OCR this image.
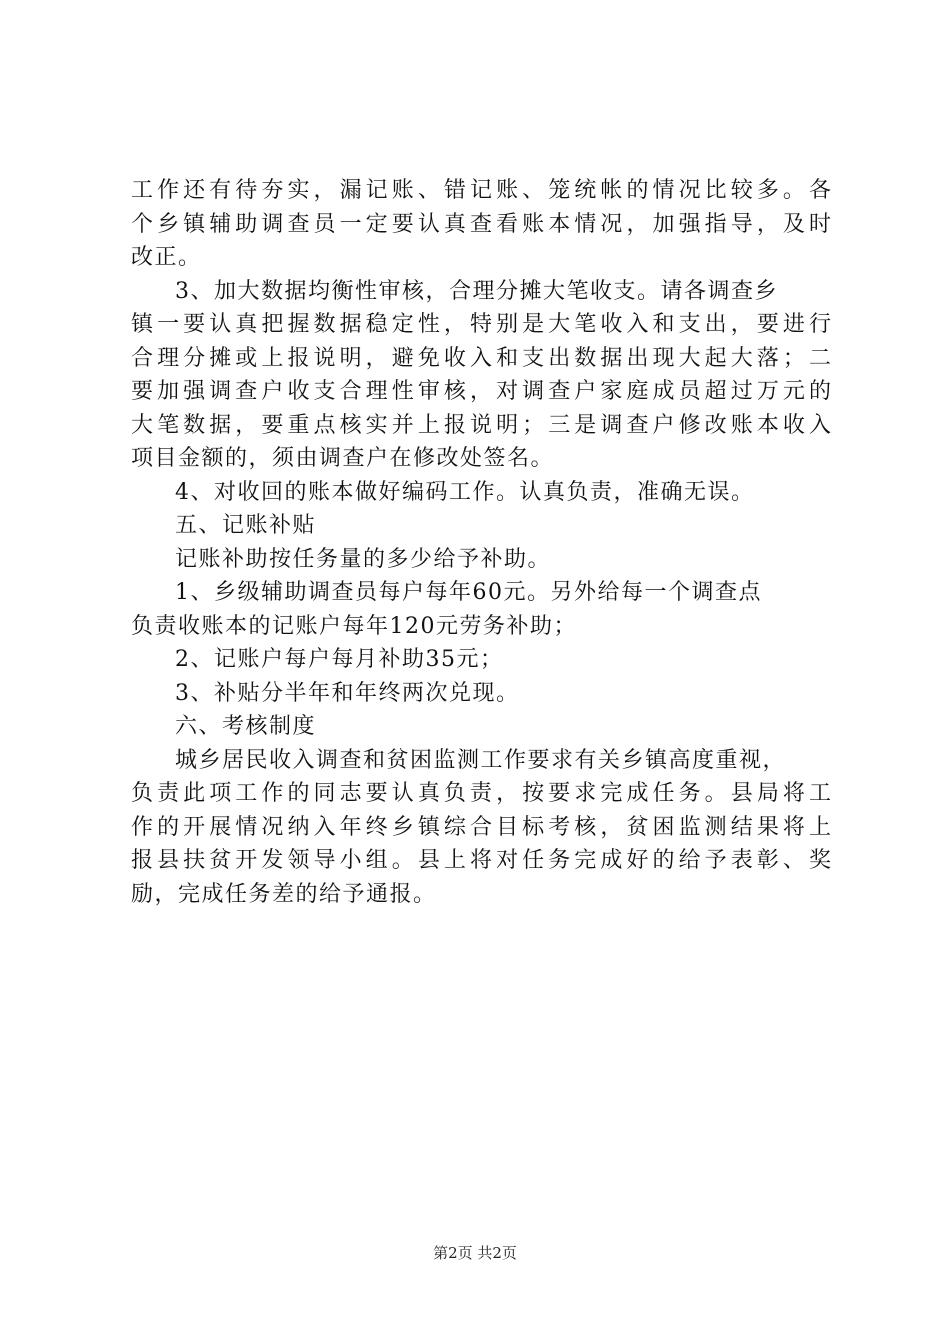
工作还有待夯实，漏记账、错记账、笼统帐的情况比较多。各
个乡镇辅助调查员一定要认真查看账本情况，加强指导，及时
改正。
3、加大数据均衡性审核，合理分摊大笔收支。请各调查乡
镇一要认真把握数据稳定性，特别是大笔收入和支出，要进行
合理分摊或上报说明，避免收入和支出数据出现大起大落；二
要加强调查户收支合理性审核，对调查户家庭成员超过万元的
大笔数据，要重点核实并上报说明；三是调查户修改账本收入
项目金额的，须由调查户在修改处签名。
4、对收回的账本做好编码工作。认真负责，准确无误。
五、记账补贴
记账补助按任务量的多少给予补助。
1、乡级辅助调查员每户每年60元。另外给每一个调查点
负责收账本的记账户每年120元劳务补助；
2、记账户每户每月补助35元；
3、补贴分半年和年终两次兑现。
六、考核制度
城乡居民收入调查和贫困监测工作要求有关乡镇高度重视，
负责此项工作的同志要认真负责，按要求完成任务。县局将工
作的开展情况纳入年终乡镇综合目标考核，贫困监测结果将上
报县扶贫开发领导小组。县上将对任务完成好的给予表彰、奖
励，完成任务差的给予通报。
第2页 共2页
